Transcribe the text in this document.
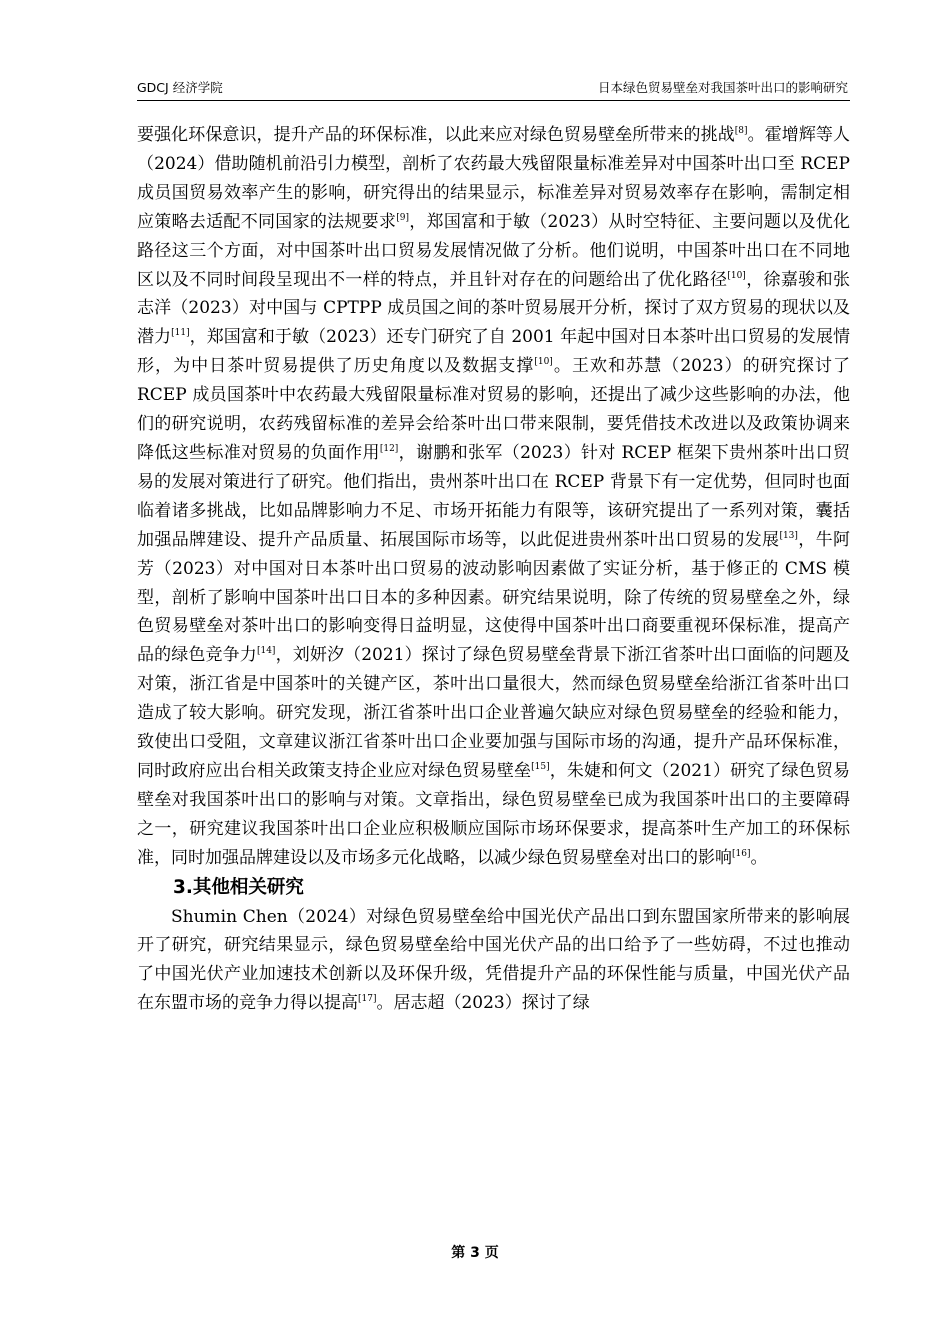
GDCJ 经济学院	日本绿色贸易壁垒对我国茶叶出口的影响研究

要强化环保意识，提升产品的环保标准，以此来应对绿色贸易壁垒所带来的挑战[8]。霍增辉等人（2024）借助随机前沿引力模型，剖析了农药最大残留限量标准差异对中国茶叶出口至 RCEP 成员国贸易效率产生的影响，研究得出的结果显示，标准差异对贸易效率存在影响，需制定相应策略去适配不同国家的法规要求[9]，郑国富和于敏（2023）从时空特征、主要问题以及优化路径这三个方面，对中国茶叶出口贸易发展情况做了分析。他们说明，中国茶叶出口在不同地区以及不同时间段呈现出不一样的特点，并且针对存在的问题给出了优化路径[10]，徐嘉骏和张志洋（2023）对中国与 CPTPP 成员国之间的茶叶贸易展开分析，探讨了双方贸易的现状以及潜力[11]，郑国富和于敏（2023）还专门研究了自 2001 年起中国对日本茶叶出口贸易的发展情形，为中日茶叶贸易提供了历史角度以及数据支撑[10]。王欢和苏慧（2023）的研究探讨了 RCEP 成员国茶叶中农药最大残留限量标准对贸易的影响，还提出了减少这些影响的办法，他们的研究说明，农药残留标准的差异会给茶叶出口带来限制，要凭借技术改进以及政策协调来降低这些标准对贸易的负面作用[12]，谢鹏和张军（2023）针对 RCEP 框架下贵州茶叶出口贸易的发展对策进行了研究。他们指出，贵州茶叶出口在 RCEP 背景下有一定优势，但同时也面临着诸多挑战，比如品牌影响力不足、市场开拓能力有限等，该研究提出了一系列对策，囊括加强品牌建设、提升产品质量、拓展国际市场等，以此促进贵州茶叶出口贸易的发展[13]，牛阿芳（2023）对中国对日本茶叶出口贸易的波动影响因素做了实证分析，基于修正的 CMS 模型，剖析了影响中国茶叶出口日本的多种因素。研究结果说明，除了传统的贸易壁垒之外，绿色贸易壁垒对茶叶出口的影响变得日益明显，这使得中国茶叶出口商要重视环保标准，提高产品的绿色竞争力[14]，刘妍汐（2021）探讨了绿色贸易壁垒背景下浙江省茶叶出口面临的问题及对策，浙江省是中国茶叶的关键产区，茶叶出口量很大，然而绿色贸易壁垒给浙江省茶叶出口造成了较大影响。研究发现，浙江省茶叶出口企业普遍欠缺应对绿色贸易壁垒的经验和能力，致使出口受阻，文章建议浙江省茶叶出口企业要加强与国际市场的沟通，提升产品环保标准，同时政府应出台相关政策支持企业应对绿色贸易壁垒[15]，朱婕和何文（2021）研究了绿色贸易壁垒对我国茶叶出口的影响与对策。文章指出，绿色贸易壁垒已成为我国茶叶出口的主要障碍之一，研究建议我国茶叶出口企业应积极顺应国际市场环保要求，提高茶叶生产加工的环保标准，同时加强品牌建设以及市场多元化战略，以减少绿色贸易壁垒对出口的影响[16]。

3.其他相关研究

Shumin Chen（2024）对绿色贸易壁垒给中国光伏产品出口到东盟国家所带来的影响展开了研究，研究结果显示，绿色贸易壁垒给中国光伏产品的出口给予了一些妨碍，不过也推动了中国光伏产业加速技术创新以及环保升级，凭借提升产品的环保性能与质量，中国光伏产品在东盟市场的竞争力得以提高[17]。居志超（2023）探讨了绿

第 3 页
